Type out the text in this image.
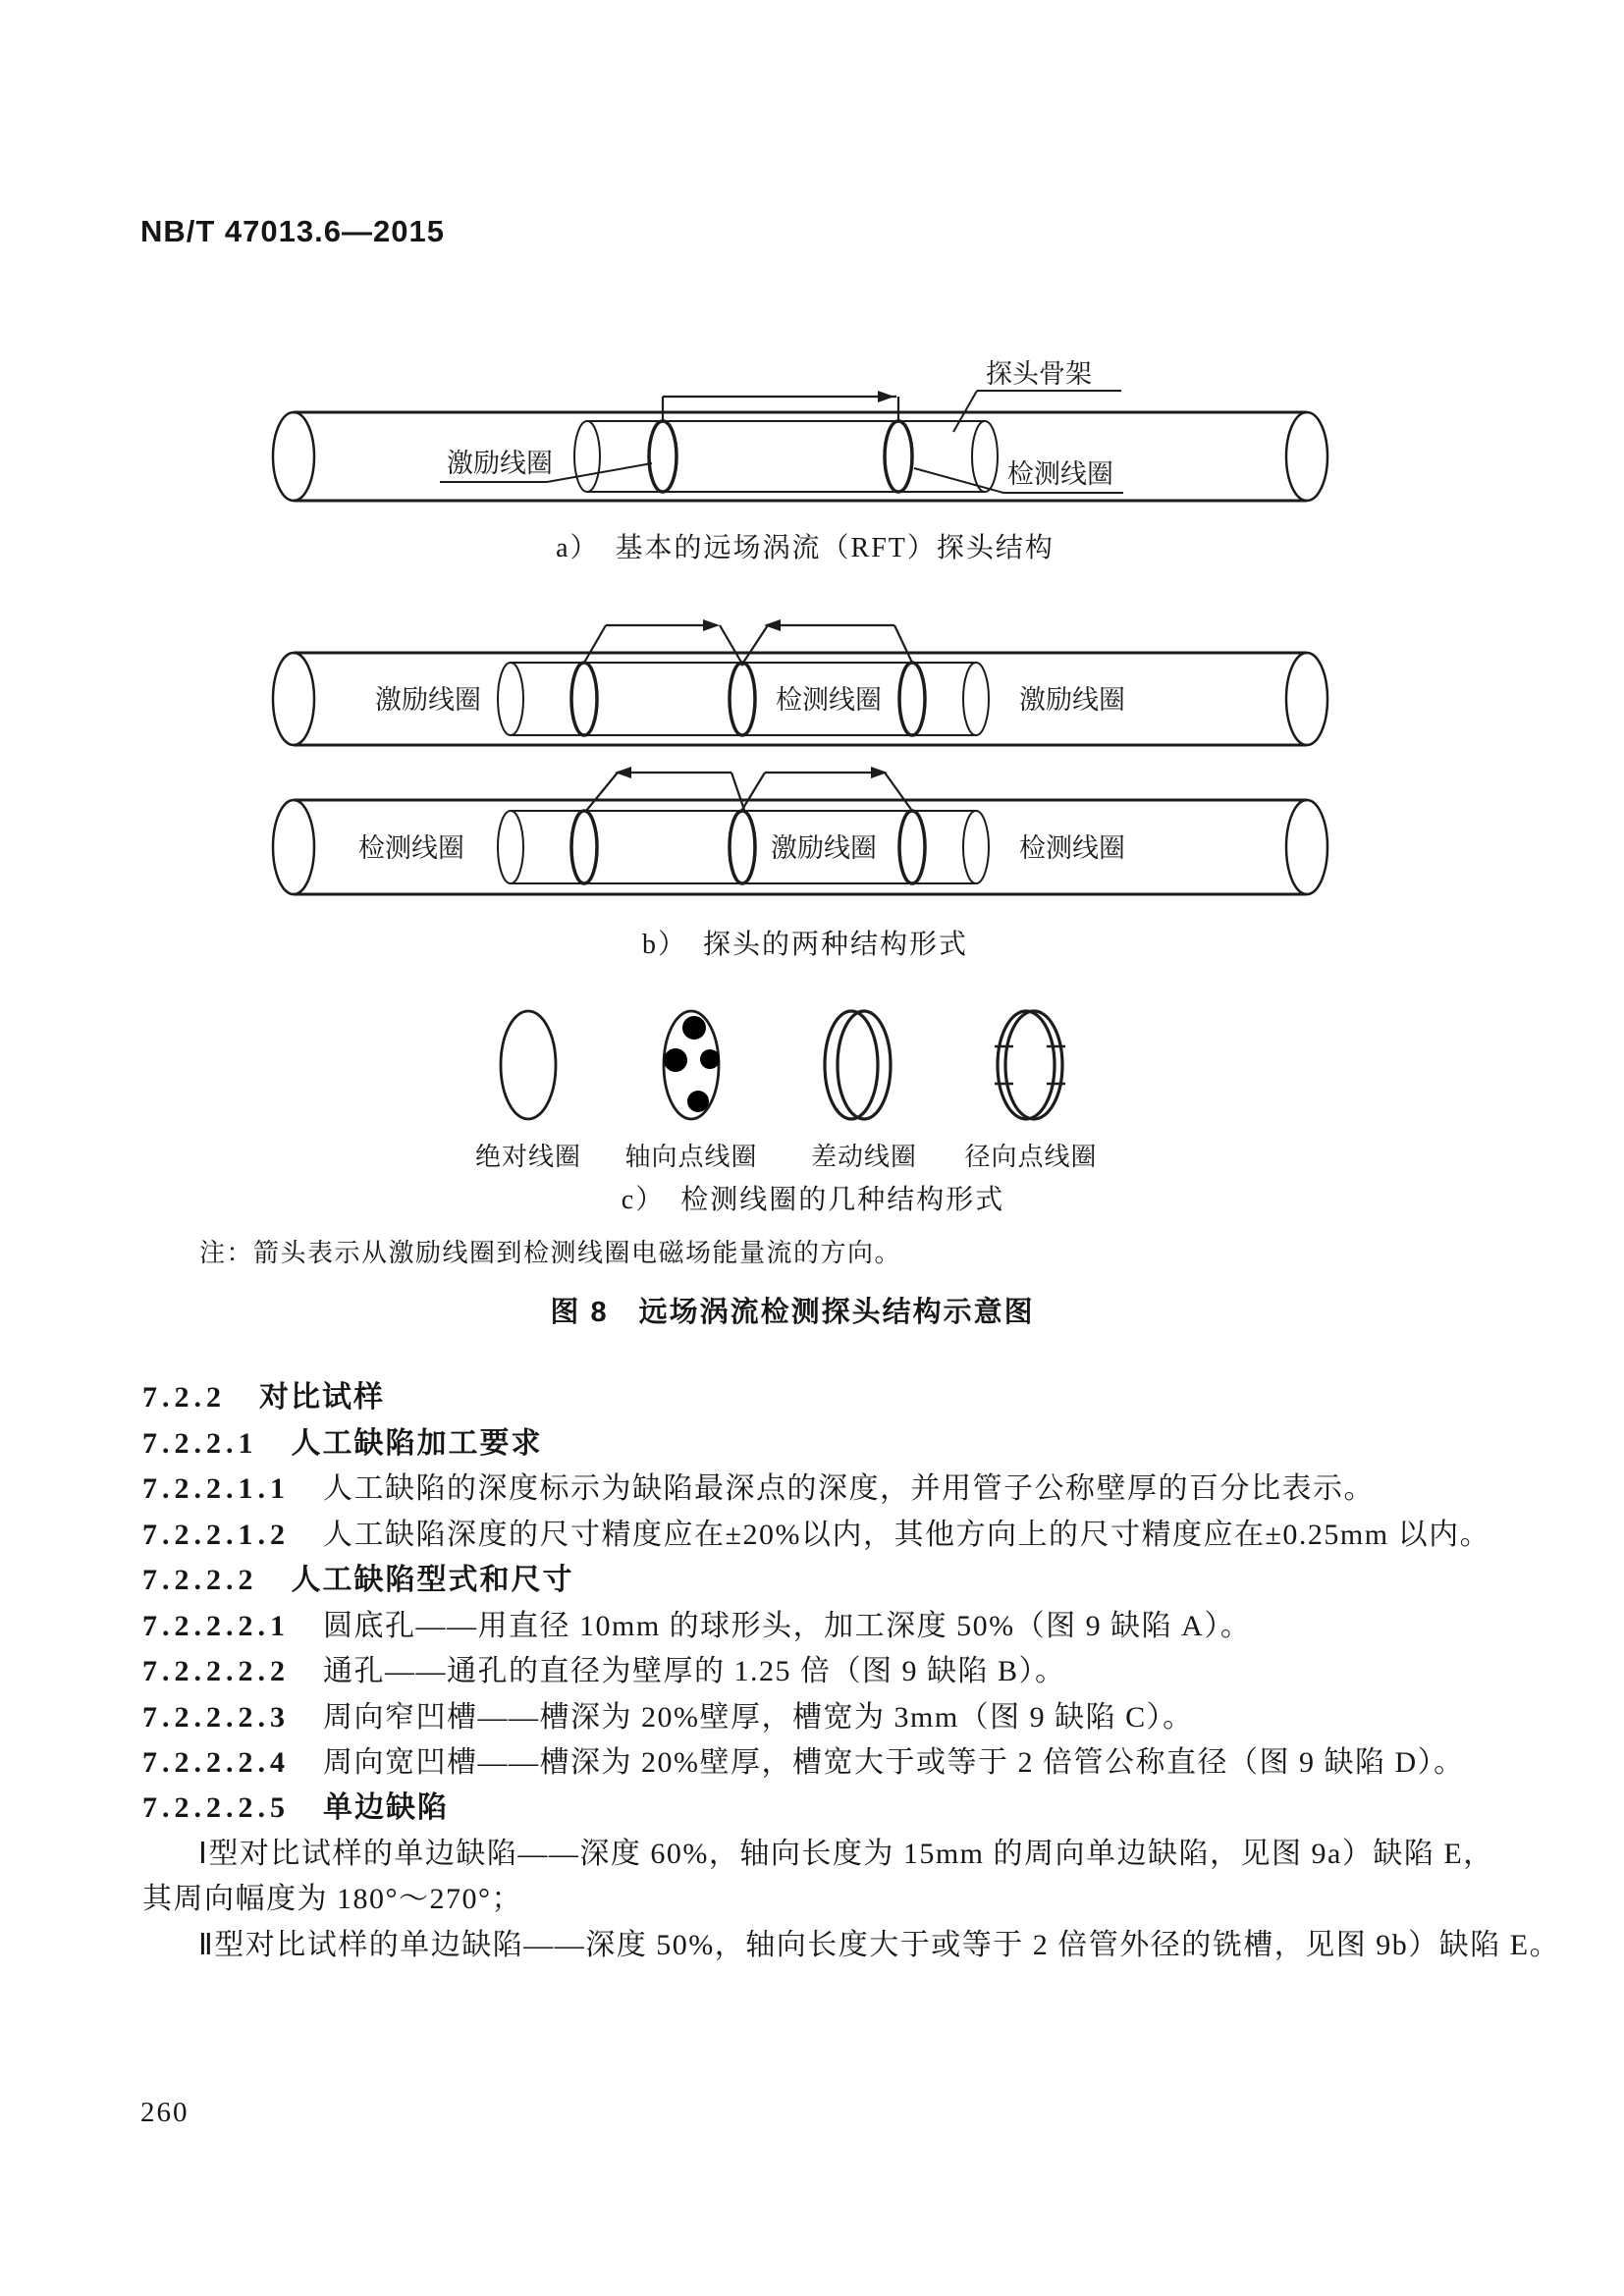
NB/T 47013.6—2015
探头骨架
激励线圈	检测线圈
a）　基本的远场涡流（RFT）探头结构
激励线圈	检测线圈	激励线圈
检测线圈	激励线圈	检测线圈
b）　探头的两种结构形式
绝对线圈	轴向点线圈	差动线圈	径向点线圈
c）　检测线圈的几种结构形式
注：箭头表示从激励线圈到检测线圈电磁场能量流的方向。
图 8　远场涡流检测探头结构示意图
7.2.2 对比试样
7.2.2.1 人工缺陷加工要求
7.2.2.1.1 人工缺陷的深度标示为缺陷最深点的深度，并用管子公称壁厚的百分比表示。
7.2.2.1.2 人工缺陷深度的尺寸精度应在±20%以内，其他方向上的尺寸精度应在±0.25mm 以内。
7.2.2.2 人工缺陷型式和尺寸
7.2.2.2.1 圆底孔——用直径 10mm 的球形头，加工深度 50%（图 9 缺陷 A）。
7.2.2.2.2 通孔——通孔的直径为壁厚的 1.25 倍（图 9 缺陷 B）。
7.2.2.2.3 周向窄凹槽——槽深为 20%壁厚，槽宽为 3mm（图 9 缺陷 C）。
7.2.2.2.4 周向宽凹槽——槽深为 20%壁厚，槽宽大于或等于 2 倍管公称直径（图 9 缺陷 D）。
7.2.2.2.5 单边缺陷
Ⅰ型对比试样的单边缺陷——深度 60%，轴向长度为 15mm 的周向单边缺陷，见图 9a）缺陷 E，
其周向幅度为 180°～270°；
Ⅱ型对比试样的单边缺陷——深度 50%，轴向长度大于或等于 2 倍管外径的铣槽，见图 9b）缺陷 E。
260
